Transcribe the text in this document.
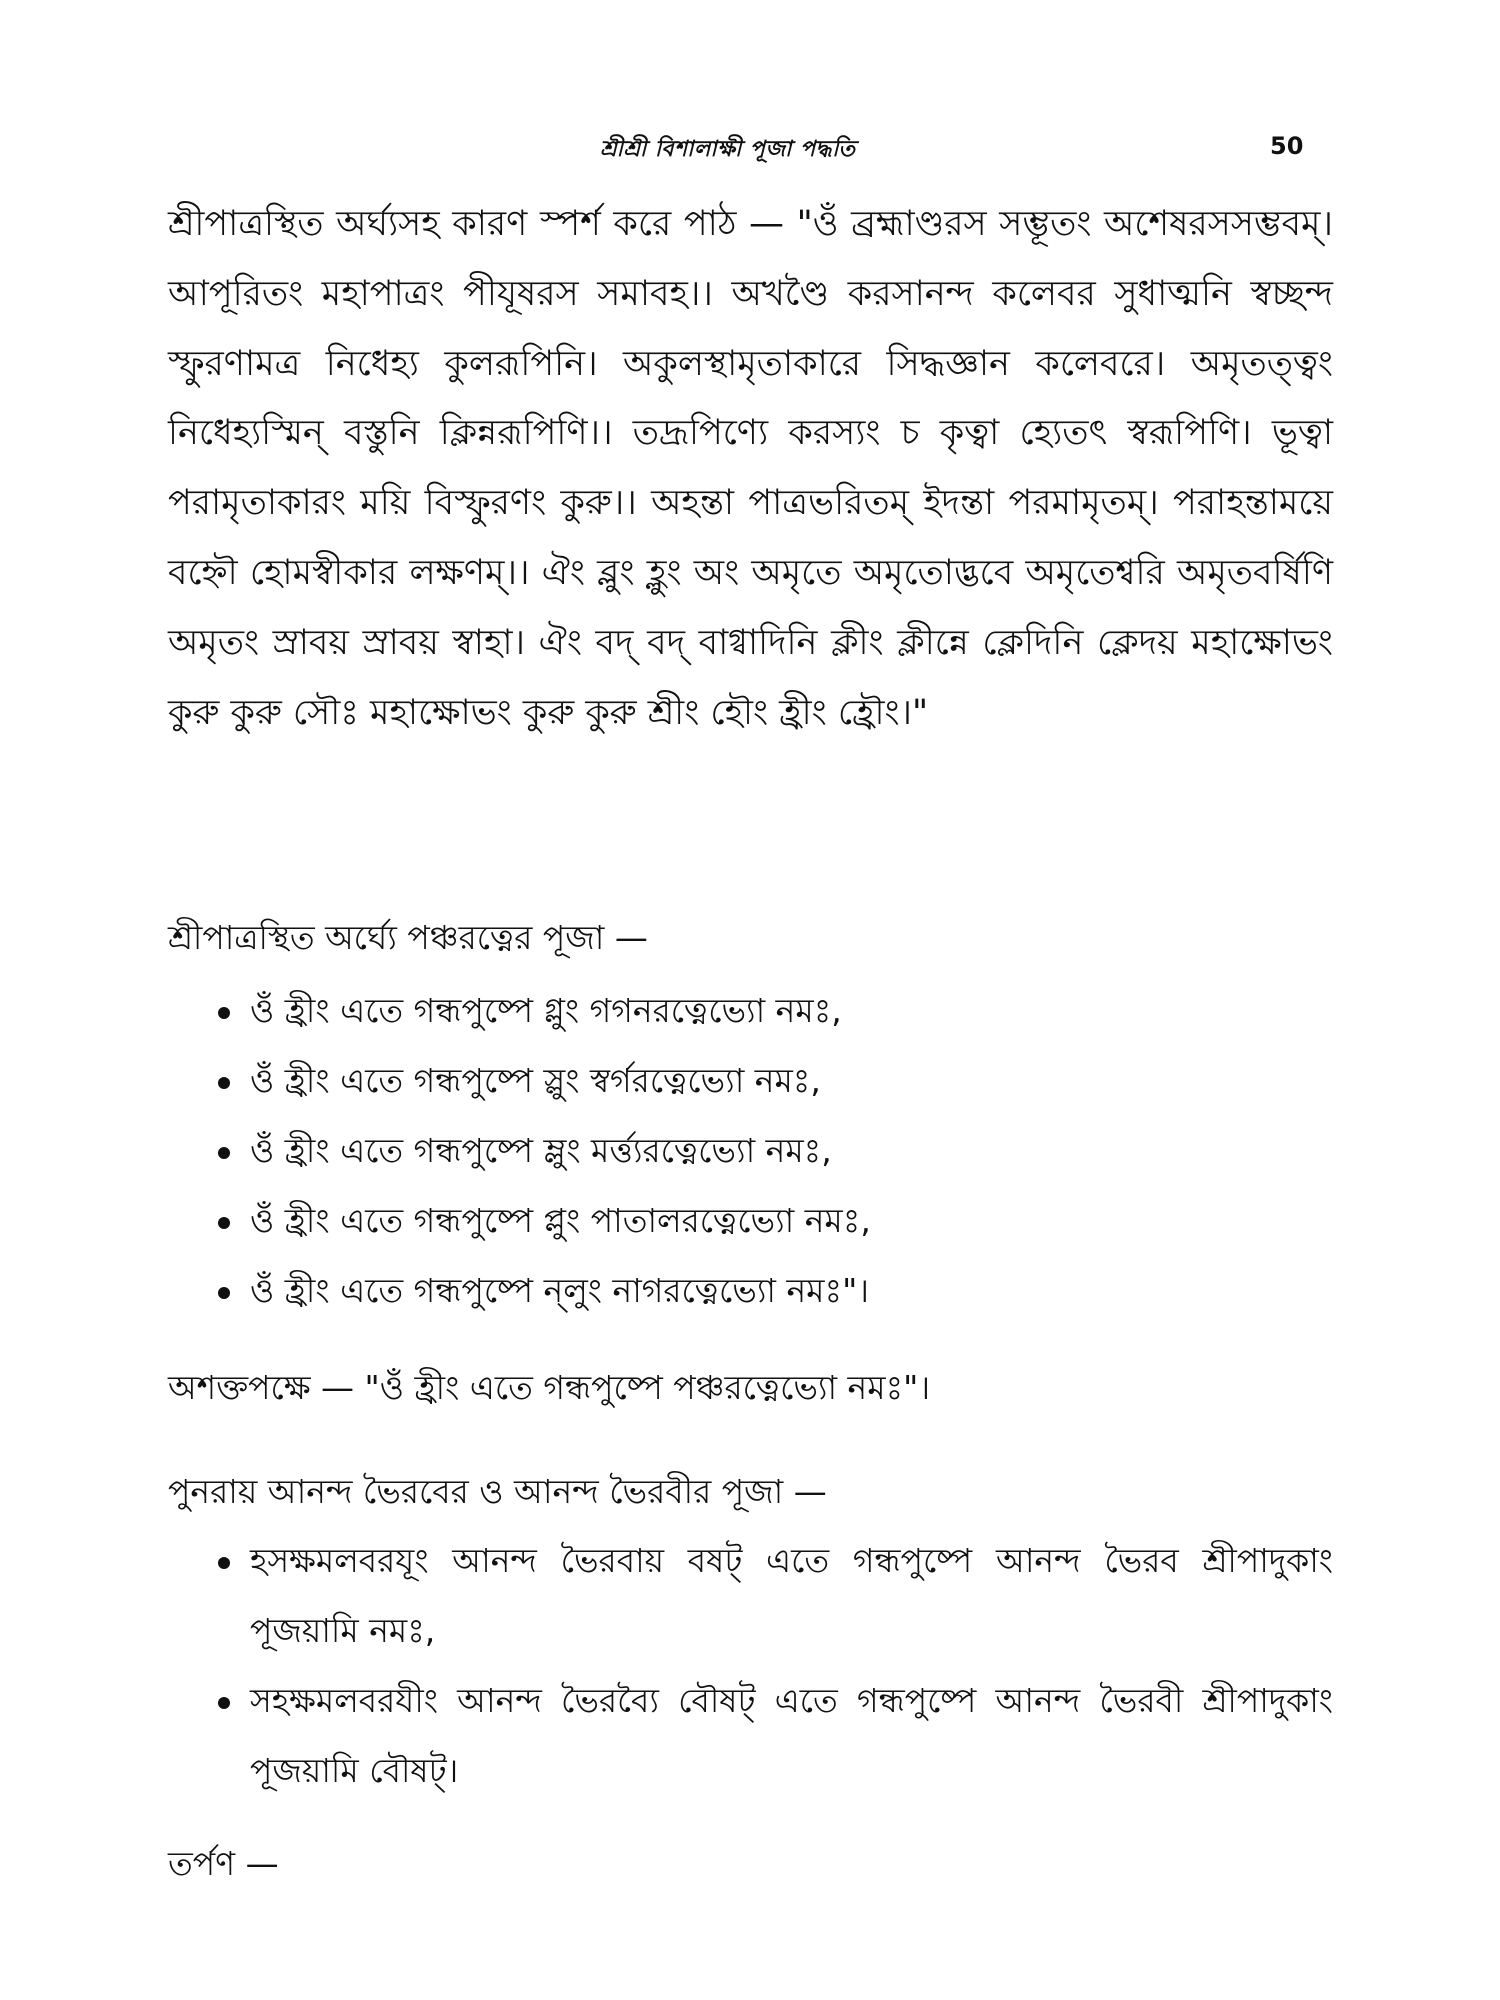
শ্রীশ্রী বিশালাক্ষী পূজা পদ্ধতি	50
শ্রীপাত্রস্থিত অর্ঘ্যসহ কারণ স্পর্শ করে পাঠ — "ওঁ ব্রহ্মাণ্ডরস সম্ভূতং অশেষরসসম্ভবম্। আপূরিতং মহাপাত্রং পীযূষরস সমাবহ।। অখণ্ডৈ করসানন্দ কলেবর সুধাত্মনি স্বচ্ছন্দ স্ফুরণামত্র নিধেহ্য কুলরূপিনি। অকুলস্থামৃতাকারে সিদ্ধজ্ঞান কলেবরে। অমৃতত্ত্বং নিধেহ্যস্মিন্ বস্তুনি ক্লিন্নরূপিণি।। তদ্রূপিণ্যে করস্যং চ কৃত্বা হ্যেতৎ স্বরূপিণি। ভূত্বা পরামৃতাকারং ময়ি বিস্ফুরণং কুরু।। অহন্তা পাত্রভরিতম্ ইদন্তা পরমামৃতম্। পরাহন্তাময়ে বহ্নৌ হোমস্বীকার লক্ষণম্।। ঐং ব্লুং হ্লুং অং অমৃতে অমৃতোদ্ভবে অমৃতেশ্বরি অমৃতবর্ষিণি অমৃতং স্রাবয় স্রাবয় স্বাহা। ঐং বদ্ বদ্ বাগ্বাদিনি ক্লীং ক্লীন্নে ক্লেদিনি ক্লেদয় মহাক্ষোভং কুরু কুরু সৌঃ মহাক্ষোভং কুরু কুরু শ্রীং হৌং হ্রীং হ্রৌং।"
শ্রীপাত্রস্থিত অর্ঘ্যে পঞ্চরত্নের পূজা —
ওঁ হ্রীং এতে গন্ধপুষ্পে গ্লুং গগনরত্নেভ্যো নমঃ,
ওঁ হ্রীং এতে গন্ধপুষ্পে স্লুং স্বর্গরত্নেভ্যো নমঃ,
ওঁ হ্রীং এতে গন্ধপুষ্পে ম্লুং মর্ত্ত্যরত্নেভ্যো নমঃ,
ওঁ হ্রীং এতে গন্ধপুষ্পে প্লুং পাতালরত্নেভ্যো নমঃ,
ওঁ হ্রীং এতে গন্ধপুষ্পে ন্লুং নাগরত্নেভ্যো নমঃ"।
অশক্তপক্ষে — "ওঁ হ্রীং এতে গন্ধপুষ্পে পঞ্চরত্নেভ্যো নমঃ"।
পুনরায় আনন্দ ভৈরবের ও আনন্দ ভৈরবীর পূজা —
হসক্ষমলবরযূং আনন্দ ভৈরবায় বষট্ এতে গন্ধপুষ্পে আনন্দ ভৈরব শ্রীপাদুকাং পূজয়ামি নমঃ,
সহক্ষমলবরযীং আনন্দ ভৈরব্যৈ বৌষট্ এতে গন্ধপুষ্পে আনন্দ ভৈরবী শ্রীপাদুকাং পূজয়ামি বৌষট্।
তর্পণ —
